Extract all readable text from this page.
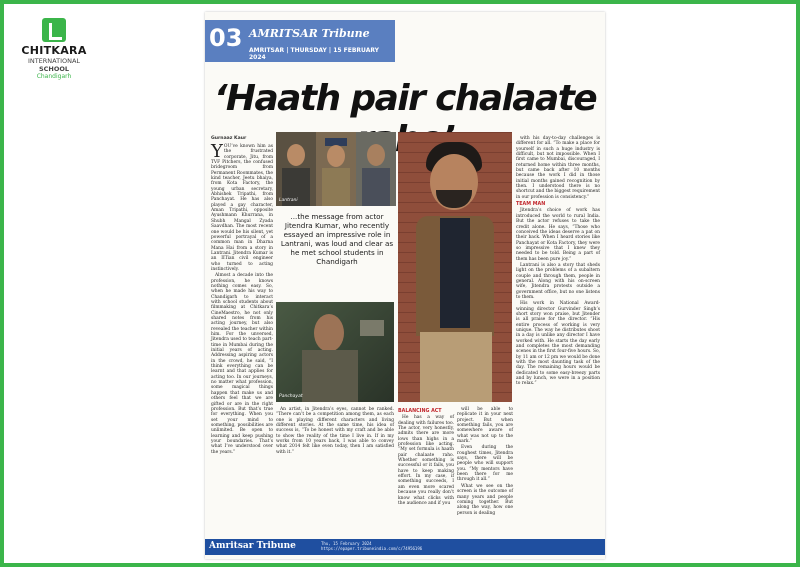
CHITKARA
INTERNATIONAL
SCHOOL
Chandigarh
03 AMRITSAR Tribune
AMRITSAR | THURSDAY | 15 FEBRUARY 2024
‘Haath pair chalaate
Gurnaaz Kaur

YOU’ve known him as the frustrated corporate, Jitu, from TVF Pitchers, the confused bridegroom from Permanent Roommates, the kind teacher, Jeetu bhaiya, from Kota Factory, the young urban secretary, Abhishek Tripathi, from Panchayat. He has also played a gay character, Aman Tripathi, opposite Ayushmann Khurrana, in Shubh Mangal Zyada Saavdhan. The most recent one would be his silent, yet powerful portrayal of a common man in Dharna Mana Hai from a story in Lantrani. Jitendra Kumar is an IITian civil engineer who turned to acting instinctively.

Almost a decade into the profession, he knows nothing comes easy. So, when he made his way to Chandigarh to interact with school students about filmmaking at Chitkara’s CineMaestro, he not only shared notes from his acting journey, but also revealed the teacher within him. For the unversed, Jitendra used to teach part-time in Mumbai during the initial years of acting. Addressing aspiring actors in the crowd, he said, “I think everything can be learnt and that applies for acting too. In our journeys, no matter what profession, some magical things happen that make us and others feel that we are gifted or are in the right profession. But that’s true for everything. When you set your mind to something, possibilities are unlimited. Be open to learning and keep pushing your boundaries. That’s what I’ve understood over the years.”

Lantrani
...the message from actor Jitendra Kumar, who recently essayed an impressive role in Lantrani, was loud and clear as he met school students in Chandigarh
Panchayat

An artist, in Jitendra’s eyes, cannot be ranked. “There can’t be a competition among them, as each one is playing different characters and living different stories. At the same time, his idea of success is, “To be honest with my craft and be able to show the reality of the time I live in. If in my works from 10 years back, I was able to convey what 2014 felt like even today, then I am satisfied with it.”

BALANCING ACT

He has a way of dealing with failures too. The actor, very honestly, admits there are more lows than highs in a profession like acting. “My set formula is haath pair chalaate raho. Whether something is successful or it fails, you have to keep making effort. In my case, if something succeeds, I am even more scared because you really don’t know what clicks with the audience and if you

will be able to replicate it in your next project. But when something fails, you are somewhere aware of what was not up to the mark.”

Even during the roughest times, Jitendra says, there will be people who will support you. “My mentors have been there for me through it all.”

What we see on the screen is the outcome of many years and people coming together. But along the way, how one person is dealing

with his day-to-day challenges is different for all. “To make a place for yourself in such a huge industry is difficult, but not impossible. When I first came to Mumbai, discouraged, I returned home within three months, but came back after 10 months because the work I did in those initial months gained recognition by then. I understood there is no shortcut and the biggest requirement in our profession is consistency.”

TEAM MAN

Jitendra’s choice of work has introduced the world to rural India. But the actor refuses to take the credit alone. He says, “Those who conceived the ideas deserve a pat on their back. When I heard stories like Panchayat or Kota Factory, they were so impressive that I knew they needed to be told. Being a part of them has been pure joy.”

Lantrani is also a story that sheds light on the problems of a subaltern couple and through them, people in general. Along with his on-screen wife, Jitendra protests outside a government office, but no one listens to them.

His work in National Award-winning director Gurvinder Singh’s short story won praise, but Jitender is all praise for the director. “His entire process of working is very unique. The way he distributes shoot in a day is unlike any director I have worked with. He starts the day early and completes the most demanding scenes in the first four-five hours. So, by 11 am or 12 pm we would be done with the most daunting task of the day. The remaining hours would be dedicated to some easy-breezy parts and by lunch, we were in a position to relax.”

Amritsar Tribune	Thu, 15 February 2024
https://epaper.tribuneindia.com/c/74956196
